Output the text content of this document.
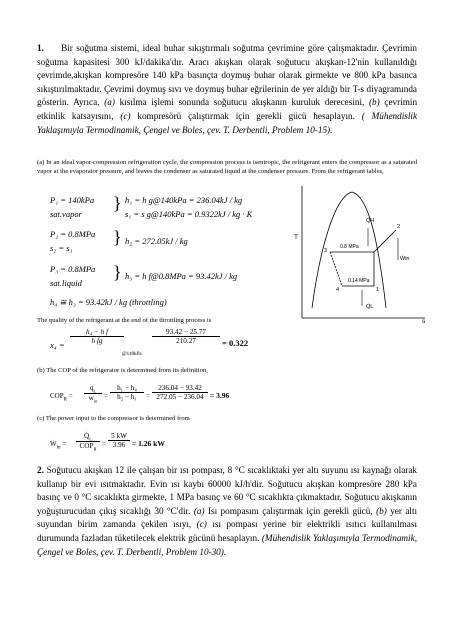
1. Bir soğutma sistemi, ideal buhar sıkıştırmalı soğutma çevrimine göre çalışmaktadır. Çevrimin soğutma kapasitesi 300 kJ/dakika'dır. Aracı akışkan olarak soğutucu akışkan-12'nin kullanıldığı çevrimde,akışkan kompresöre 140 kPa basınçta doymuş buhar olarak girmekte ve 800 kPa basınca sıkıştırılmaktadır. Çevrimi doymuş sıvı ve doymuş buhar eğrilerinin de yer aldığı bir T-s diyagramında gösterin. Ayrıca, (a) kısılma işlemi sonunda soğutucu akışkanın kuruluk derecesini, (b) çevrimin etkinlik katsayısını, (c) kompresörü çalıştırmak için gerekli gücü hesaplayın. ( Mühendislik Yaklaşımıyla Termodinamik, Çengel ve Boles, çev. T. Derbentli, Problem 10-15).
(a) In an ideal vapor-compression refrigeration cycle, the compression process is isentropic, the refrigerant enters the compressor as a saturated vapor at the evaporator pressure, and leaves the condenser as saturated liquid at the condenser pressure. From the refrigerant tables,
P₁ = 140kPa
sat.vapor
} h₁ = h g@140kPa = 236.04kJ / kg
s₁ = s g@140kPa = 0.9322kJ / kg · K
P₂ = 0.8MPa
s₂ = s₁
} h₂ = 272.05kJ / kg
P₃ = 0.8MPa
sat.liquid
} h₃ = h f@0.8MPa = 93.42kJ / kg
h₄ ≅ h₃ = 93.42kJ / kg (throttling)
T
s
Q̇H
Q̇L
Ẇin
0.8 MPa
0.14 MPa
1
2
3
4
The quality of the refrigerant at the end of the throttling process is
$x_4 = \frac{\text{h₄ − h f}}{\text{h fg}}$
@140kPa
$\frac{93.42 - 25.77}{210.27} = 0.322$
(b) The COP of the refrigerator is determined from its definition,
$COP_R$ =
$q_L$
$w_{in}$
= $\frac{\text{h₁ − h₄}}{\text{h₂ − h₁}} = \frac{236.04 - 93.42}{272.05 - 236.04} = 3.96$
(c) The power input to the compressor is determined from
Ẇ$_{in}$ =
$Q̇_L$
$COP_R$
= $\frac{5 kW}{3.96} = 1.26$ kW
2. Soğutucu akışkan 12 ile çalışan bir ısı pompası, 8 °C sıcaklıktaki yer altı suyunu ısı kaynağı olarak kullanıp bir evi ısıtmaktadır. Evin ısı kaybı 60000 kJ/h'dir. Soğutucu akışkan kompresöre 280 kPa basınç ve 0 °C sıcaklıkta girmekte, 1 MPa basınç ve 60 °C sıcaklıkta çıkmaktadır. Soğutucu akışkanın yoğuşturucudan çıkış sıcaklığı 30 °C'dir. (a) Isı pompasını çalıştırmak için gerekli gücü, (b) yer altı suyundan birim zamanda çekilen ısıyı, (c) ısı pompası yerine bir elektrikli ısıtıcı kullanılması durumunda fazladan tüketilecek elektrik gücünü hesaplayın. (Mühendislik Yaklaşımıyla Termodinamik, Çengel ve Boles, çev. T. Derbentli, Problem 10-30).
